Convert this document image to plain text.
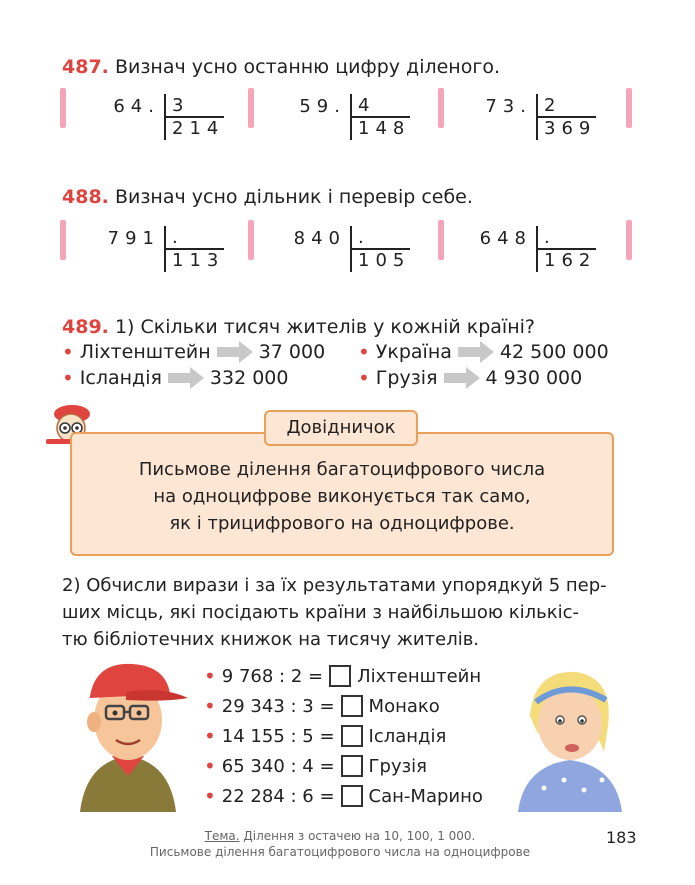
487. Визнач усно останню цифру діленого.
64. 3
214
59. 4
148
73. 2
369
488. Визнач усно дільник і перевір себе.
791 .
113
840 .
105
648 .
162
489. 1) Скільки тисяч жителів у кожній країні?
• Ліхтенштейн	37 000 • Україна	42 500 000
• Ісландія	332 000	• Грузія	4 930 000
Довідничок
Письмове ділення багатоцифрового числа
на одноцифрове виконується так само,
як і трицифрового на одноцифрове.
2) Обчисли вирази і за їх результатами упорядкуй 5 пер-
ших місць, які посідають країни з найбільшою кількіс-
тю бібліотечних книжок на тисячу жителів.
• 9 768 : 2 = Ліхтенштейн
• 29 343 : 3 = Монако
• 14 155 : 5 = Ісландія
• 65 340 : 4 = Грузія
• 22 284 : 6 = Сан-Марино
Тема. Ділення з остачею на 10, 100, 1 000.
Письмове ділення багатоцифрового числа на одноцифрове
183
